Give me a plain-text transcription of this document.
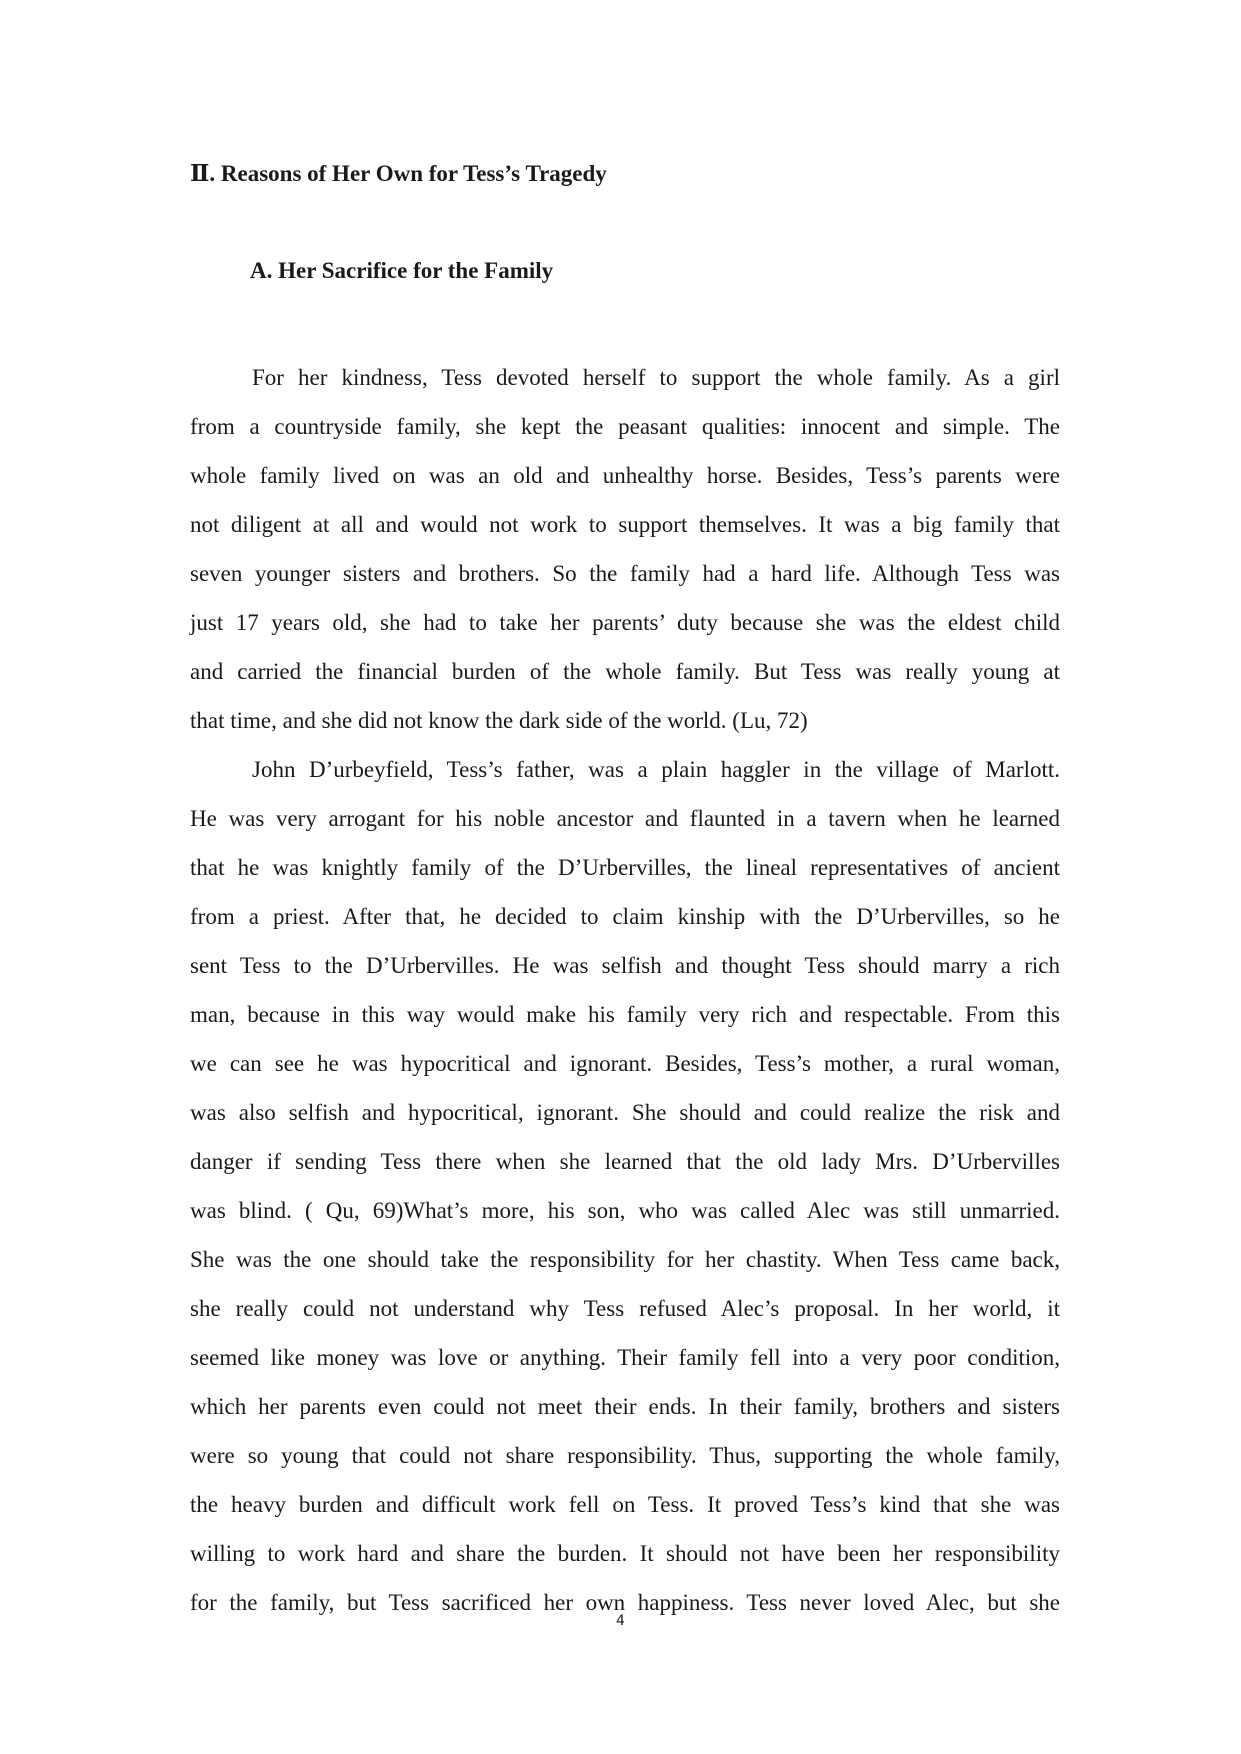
Ⅱ. Reasons of Her Own for Tess’s Tragedy
A. Her Sacrifice for the Family

For her kindness, Tess devoted herself to support the whole family. As a girl
from a countryside family, she kept the peasant qualities: innocent and simple. The
whole family lived on was an old and unhealthy horse. Besides, Tess’s parents were
not diligent at all and would not work to support themselves. It was a big family that
seven younger sisters and brothers. So the family had a hard life. Although Tess was
just 17 years old, she had to take her parents’ duty because she was the eldest child
and carried the financial burden of the whole family. But Tess was really young at
that time, and she did not know the dark side of the world. (Lu, 72)

John D’urbeyfield, Tess’s father, was a plain haggler in the village of Marlott.
He was very arrogant for his noble ancestor and flaunted in a tavern when he learned
that he was knightly family of the D’Urbervilles, the lineal representatives of ancient
from a priest. After that, he decided to claim kinship with the D’Urbervilles, so he
sent Tess to the D’Urbervilles. He was selfish and thought Tess should marry a rich
man, because in this way would make his family very rich and respectable. From this
we can see he was hypocritical and ignorant. Besides, Tess’s mother, a rural woman,
was also selfish and hypocritical, ignorant. She should and could realize the risk and
danger if sending Tess there when she learned that the old lady Mrs. D’Urbervilles
was blind. ( Qu, 69)What’s more, his son, who was called Alec was still unmarried.
She was the one should take the responsibility for her chastity. When Tess came back,
she really could not understand why Tess refused Alec’s proposal. In her world, it
seemed like money was love or anything. Their family fell into a very poor condition,
which her parents even could not meet their ends. In their family, brothers and sisters
were so young that could not share responsibility. Thus, supporting the whole family,
the heavy burden and difficult work fell on Tess. It proved Tess’s kind that she was
willing to work hard and share the burden. It should not have been her responsibility
for the family, but Tess sacrificed her own happiness. Tess never loved Alec, but she

4
